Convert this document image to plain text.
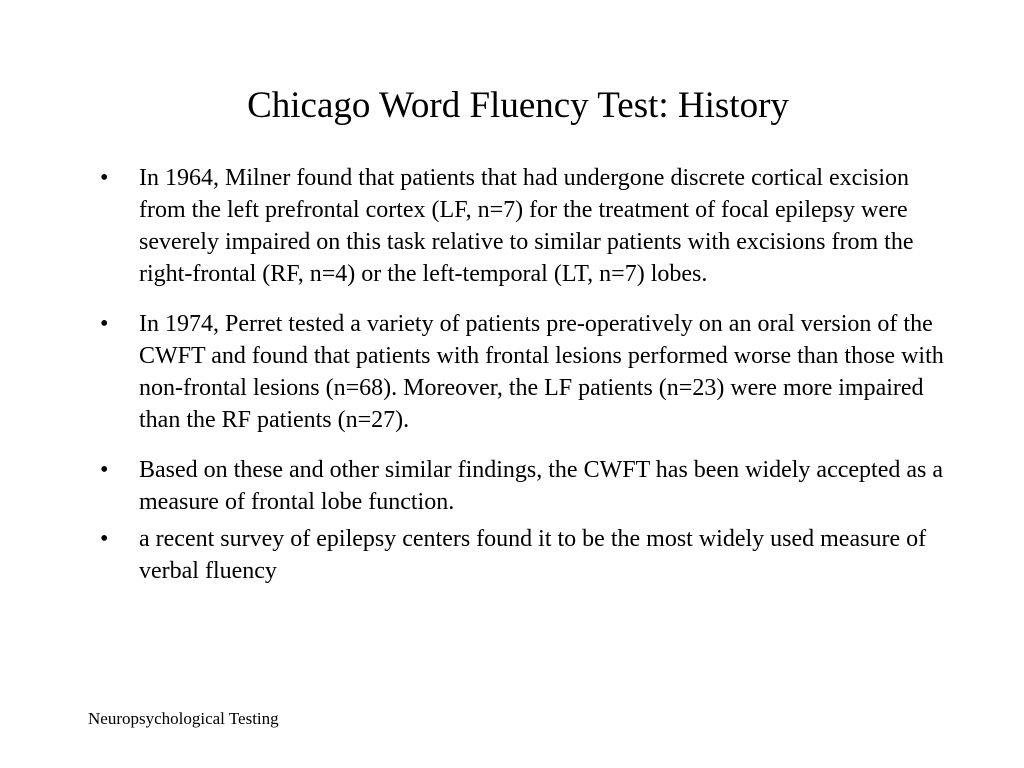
Chicago Word Fluency Test: History
•	In 1964, Milner found that patients that had undergone discrete cortical excision from the left prefrontal cortex (LF, n=7) for the treatment of focal epilepsy were severely impaired on this task relative to similar patients with excisions from the right-frontal (RF, n=4) or the left-temporal (LT, n=7) lobes.
•	In 1974, Perret tested a variety of patients pre-operatively on an oral version of the CWFT and found that patients with frontal lesions performed worse than those with non-frontal lesions (n=68). Moreover, the LF patients (n=23) were more impaired than the RF patients (n=27).
•	Based on these and other similar findings, the CWFT has been widely accepted as a measure of frontal lobe function.
•	a recent survey of epilepsy centers found it to be the most widely used measure of verbal fluency
Neuropsychological Testing
